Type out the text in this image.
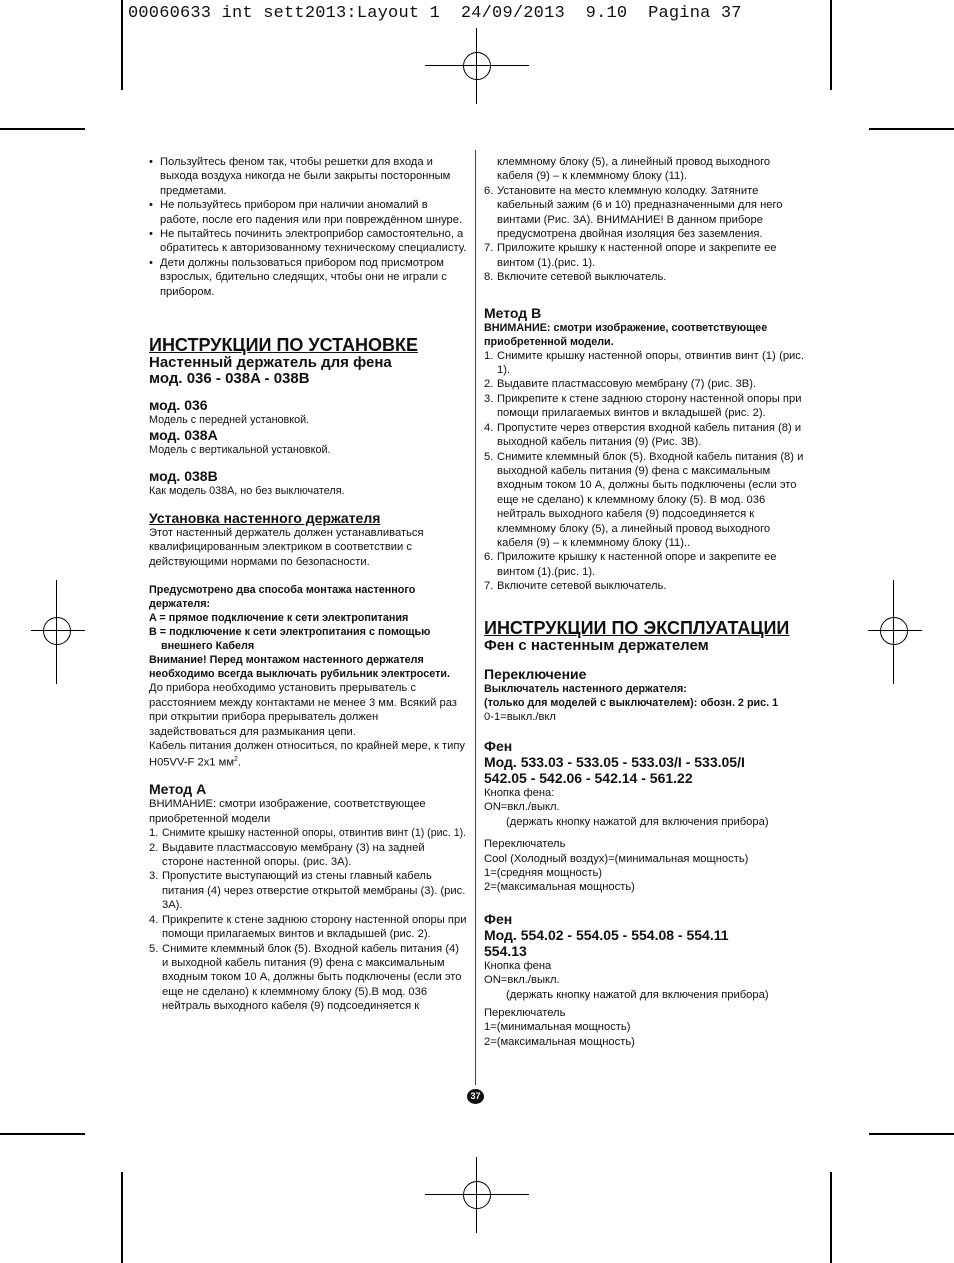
00060633 int sett2013:Layout 1  24/09/2013  9.10  Pagina 37
• Пользуйтесь феном так, чтобы решетки для входа и выхода воздуха никогда не были закрыты посторонным предметами.
• Не пользуйтесь прибором при наличии аномалий в работе, после его падения или при повреждённом шнуре.
• Не пытайтесь починить электроприбор самостоятельно, а обратитесь к авторизованному техническому специалисту.
• Дети должны пользоваться прибором под присмотром взрослых, бдительно следящих, чтобы они не играли с прибором.

ИНСТРУКЦИИ ПО УСТАНОВКЕ

Настенный держатель для фена

мод. 036 - 038A - 038B

мод. 036

Модель с передней установкой.

мод. 038A

Модель с вертикальной установкой.

мод. 038B

Как модель 038A, но без выключателя.

Установка настенного держателя

Этот настенный держатель должен устанавливаться квалифицированным электриком в соответствии с действующими нормами по безопасности.

Предусмотрено два способа монтажа настенного держателя:

A = прямое подключение к сети электропитания

B = подключение к сети электропитания с помощью внешнего Кабеля

Внимание! Перед монтажом настенного держателя необходимо всегда выключать рубильник электросети.

До прибора необходимо установить прерыватель с расстоянием между контактами не менее 3 мм. Всякий раз при открытии прибора прерыватель должен задействоваться для размыкания цепи.

Кабель питания должен относиться, по крайней мере, к типу H05VV-F 2x1 $мм^2$.

Метод A

ВНИМАНИЕ: смотри изображение, соответствующее приобретенной модели

1. Снимите крышку настенной опоры, отвинтив винт (1) (рис. 1).
2. Выдавите пластмассовую мембрану (3) на задней стороне настенной опоры. (рис. 3A).
3. Пропустите выступающий из стены главный кабель питания (4) через отверстие открытой мембраны (3). (рис. 3A).
4. Прикрепите к стене заднюю сторону настенной опоры при помощи прилагаемых винтов и вкладышей (рис. 2).
5. Снимите клеммный блок (5). Входной кабель питания (4) и выходной кабель питания (9) фена с максимальным входным током 10 A, должны быть подключены (если это еще не сделано) к клеммному блоку (5).В мод. 036 нейтраль выходного кабеля (9) подсоединяется к

клеммному блоку (5), а линейный провод выходного кабеля (9) – к клеммному блоку (11).

6. Установите на место клеммную колодку. Затяните кабельный зажим (6 и 10) предназначенными для него винтами (Рис. 3A). ВНИМАНИЕ! В данном приборе предусмотрена двойная изоляция без заземления.
7. Приложите крышку к настенной опоре и закрепите ее винтом (1).(рис. 1).
8. Включите сетевой выключатель.

Метод B

ВНИМАНИЕ: смотри изображение, соответствующее приобретенной модели.

1. Снимите крышку настенной опоры, отвинтив винт (1) (рис. 1).
2. Выдавите пластмассовую мембрану (7) (рис. 3B).
3. Прикрепите к стене заднюю сторону настенной опоры при помощи прилагаемых винтов и вкладышей (рис. 2).
4. Пропустите через отверстия входной кабель питания (8) и выходной кабель питания (9) (Рис. 3B).
5. Снимите клеммный блок (5). Входной кабель питания (8) и выходной кабель питания (9) фена с максимальным входным током 10 A, должны быть подключены (если это еще не сделано) к клеммному блоку (5). В мод. 036 нейтраль выходного кабеля (9) подсоединяется к клеммному блоку (5), а линейный провод выходного кабеля (9) – к клеммному блоку (11)..
6. Приложите крышку к настенной опоре и закрепите ее винтом (1).(рис. 1).
7. Включите сетевой выключатель.

ИНСТРУКЦИИ ПО ЭКСПЛУАТАЦИИ

Фен с настенным держателем

Переключение

Выключатель настенного держателя:

(только для моделей с выключателем): обозн. 2 рис. 1

0-1=выкл./вкл

Фен

Мод. 533.03 - 533.05 - 533.03/I - 533.05/I

542.05 - 542.06 - 542.14 - 561.22

Кнопка фена:

ON=вкл./выкл.

(держать кнопку нажатой для включения прибора)

Переключатель

Cool (Холодный воздух)=(минимальная мощность)

1=(средняя мощность)

2=(максимальная мощность)

Фен

Мод. 554.02 - 554.05 - 554.08 - 554.11

554.13

Кнопка фена

ON=вкл./выкл.

(держать кнопку нажатой для включения прибора)

Переключатель

1=(минимальная мощность)

2=(максимальная мощность)

37
